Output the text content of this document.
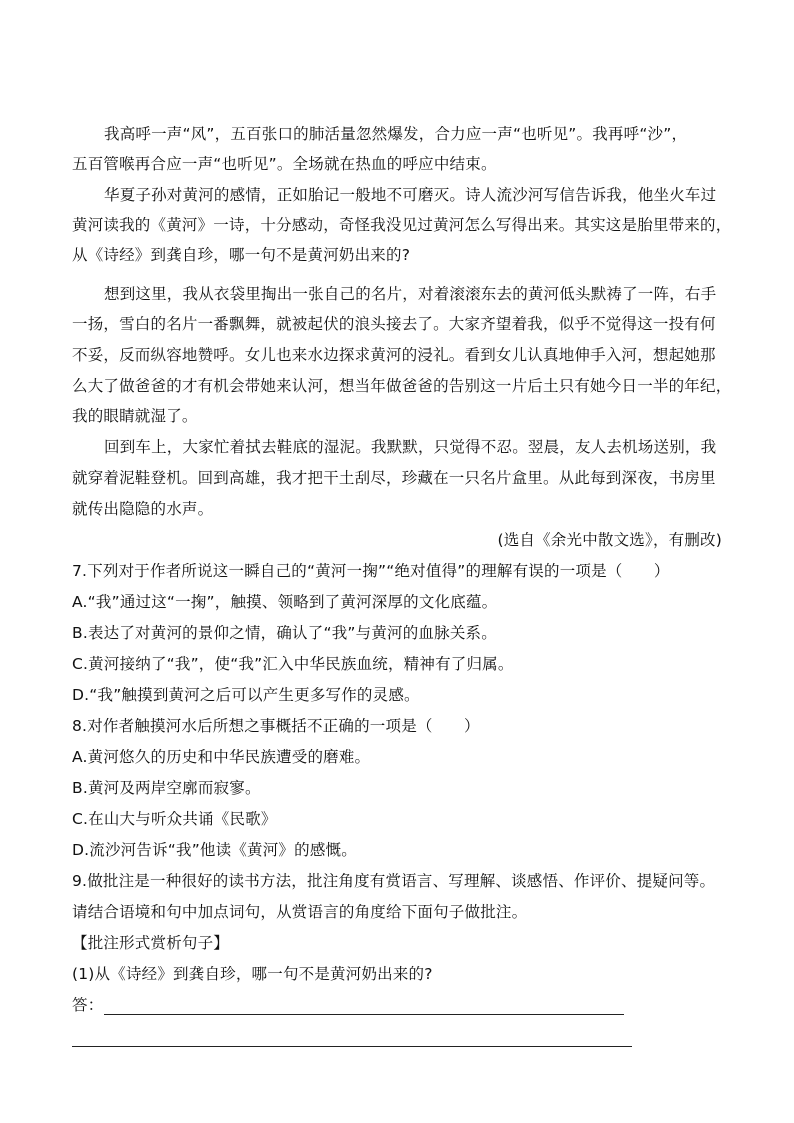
我高呼一声“风”，五百张口的肺活量忽然爆发，合力应一声“也听见”。我再呼“沙”，
五百管喉再合应一声“也听见”。全场就在热血的呼应中结束。
华夏子孙对黄河的感情，正如胎记一般地不可磨灭。诗人流沙河写信告诉我，他坐火车过
黄河读我的《黄河》一诗，十分感动，奇怪我没见过黄河怎么写得出来。其实这是胎里带来的，
从《诗经》到龚自珍，哪一句不是黄河奶出来的?
想到这里，我从衣袋里掏出一张自己的名片，对着滚滚东去的黄河低头默祷了一阵，右手
一扬，雪白的名片一番飘舞，就被起伏的浪头接去了。大家齐望着我，似乎不觉得这一投有何
不妥，反而纵容地赞呼。女儿也来水边探求黄河的浸礼。看到女儿认真地伸手入河，想起她那
么大了做爸爸的才有机会带她来认河，想当年做爸爸的告别这一片后土只有她今日一半的年纪，
我的眼睛就湿了。
回到车上，大家忙着拭去鞋底的湿泥。我默默，只觉得不忍。翌晨，友人去机场送别，我
就穿着泥鞋登机。回到高雄，我才把干土刮尽，珍藏在一只名片盒里。从此每到深夜，书房里
就传出隐隐的水声。
(选自《余光中散文选》，有删改)
7.下列对于作者所说这一瞬自己的“黄河一掬”“绝对值得”的理解有误的一项是（　　）
A.“我”通过这“一掬”，触摸、领略到了黄河深厚的文化底蕴。
B.表达了对黄河的景仰之情，确认了“我”与黄河的血脉关系。
C.黄河接纳了“我”，使“我”汇入中华民族血统，精神有了归属。
D.“我”触摸到黄河之后可以产生更多写作的灵感。
8.对作者触摸河水后所想之事概括不正确的一项是（　　）
A.黄河悠久的历史和中华民族遭受的磨难。
B.黄河及两岸空廓而寂寥。
C.在山大与听众共诵《民歌》
D.流沙河告诉“我”他读《黄河》的感慨。
9.做批注是一种很好的读书方法，批注角度有赏语言、写理解、谈感悟、作评价、提疑问等。
请结合语境和句中加点词句，从赏语言的角度给下面句子做批注。
【批注形式赏析句子】
(1)从《诗经》到龚自珍，哪一句不是黄河奶出来的?
答：
